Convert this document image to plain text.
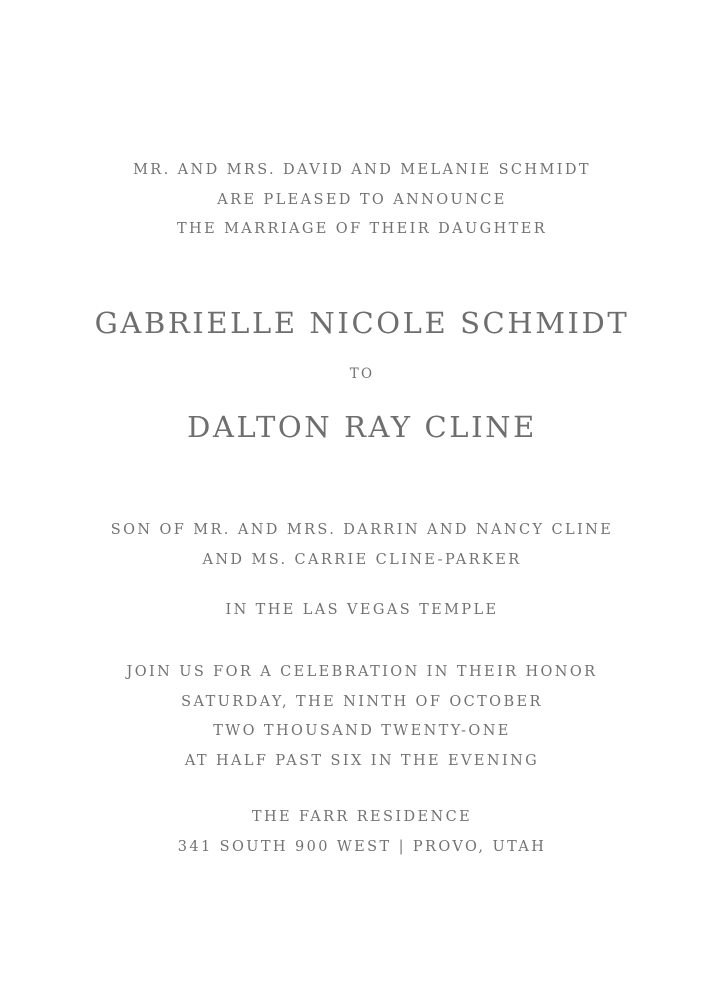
MR. AND MRS. DAVID AND MELANIE SCHMIDT
ARE PLEASED TO ANNOUNCE
THE MARRIAGE OF THEIR DAUGHTER
GABRIELLE NICOLE SCHMIDT
TO
DALTON RAY CLINE
SON OF MR. AND MRS. DARRIN AND NANCY CLINE
AND MS. CARRIE CLINE-PARKER
IN THE LAS VEGAS TEMPLE
JOIN US FOR A CELEBRATION IN THEIR HONOR
SATURDAY, THE NINTH OF OCTOBER
TWO THOUSAND TWENTY-ONE
AT HALF PAST SIX IN THE EVENING
THE FARR RESIDENCE
341 SOUTH 900 WEST | PROVO, UTAH
